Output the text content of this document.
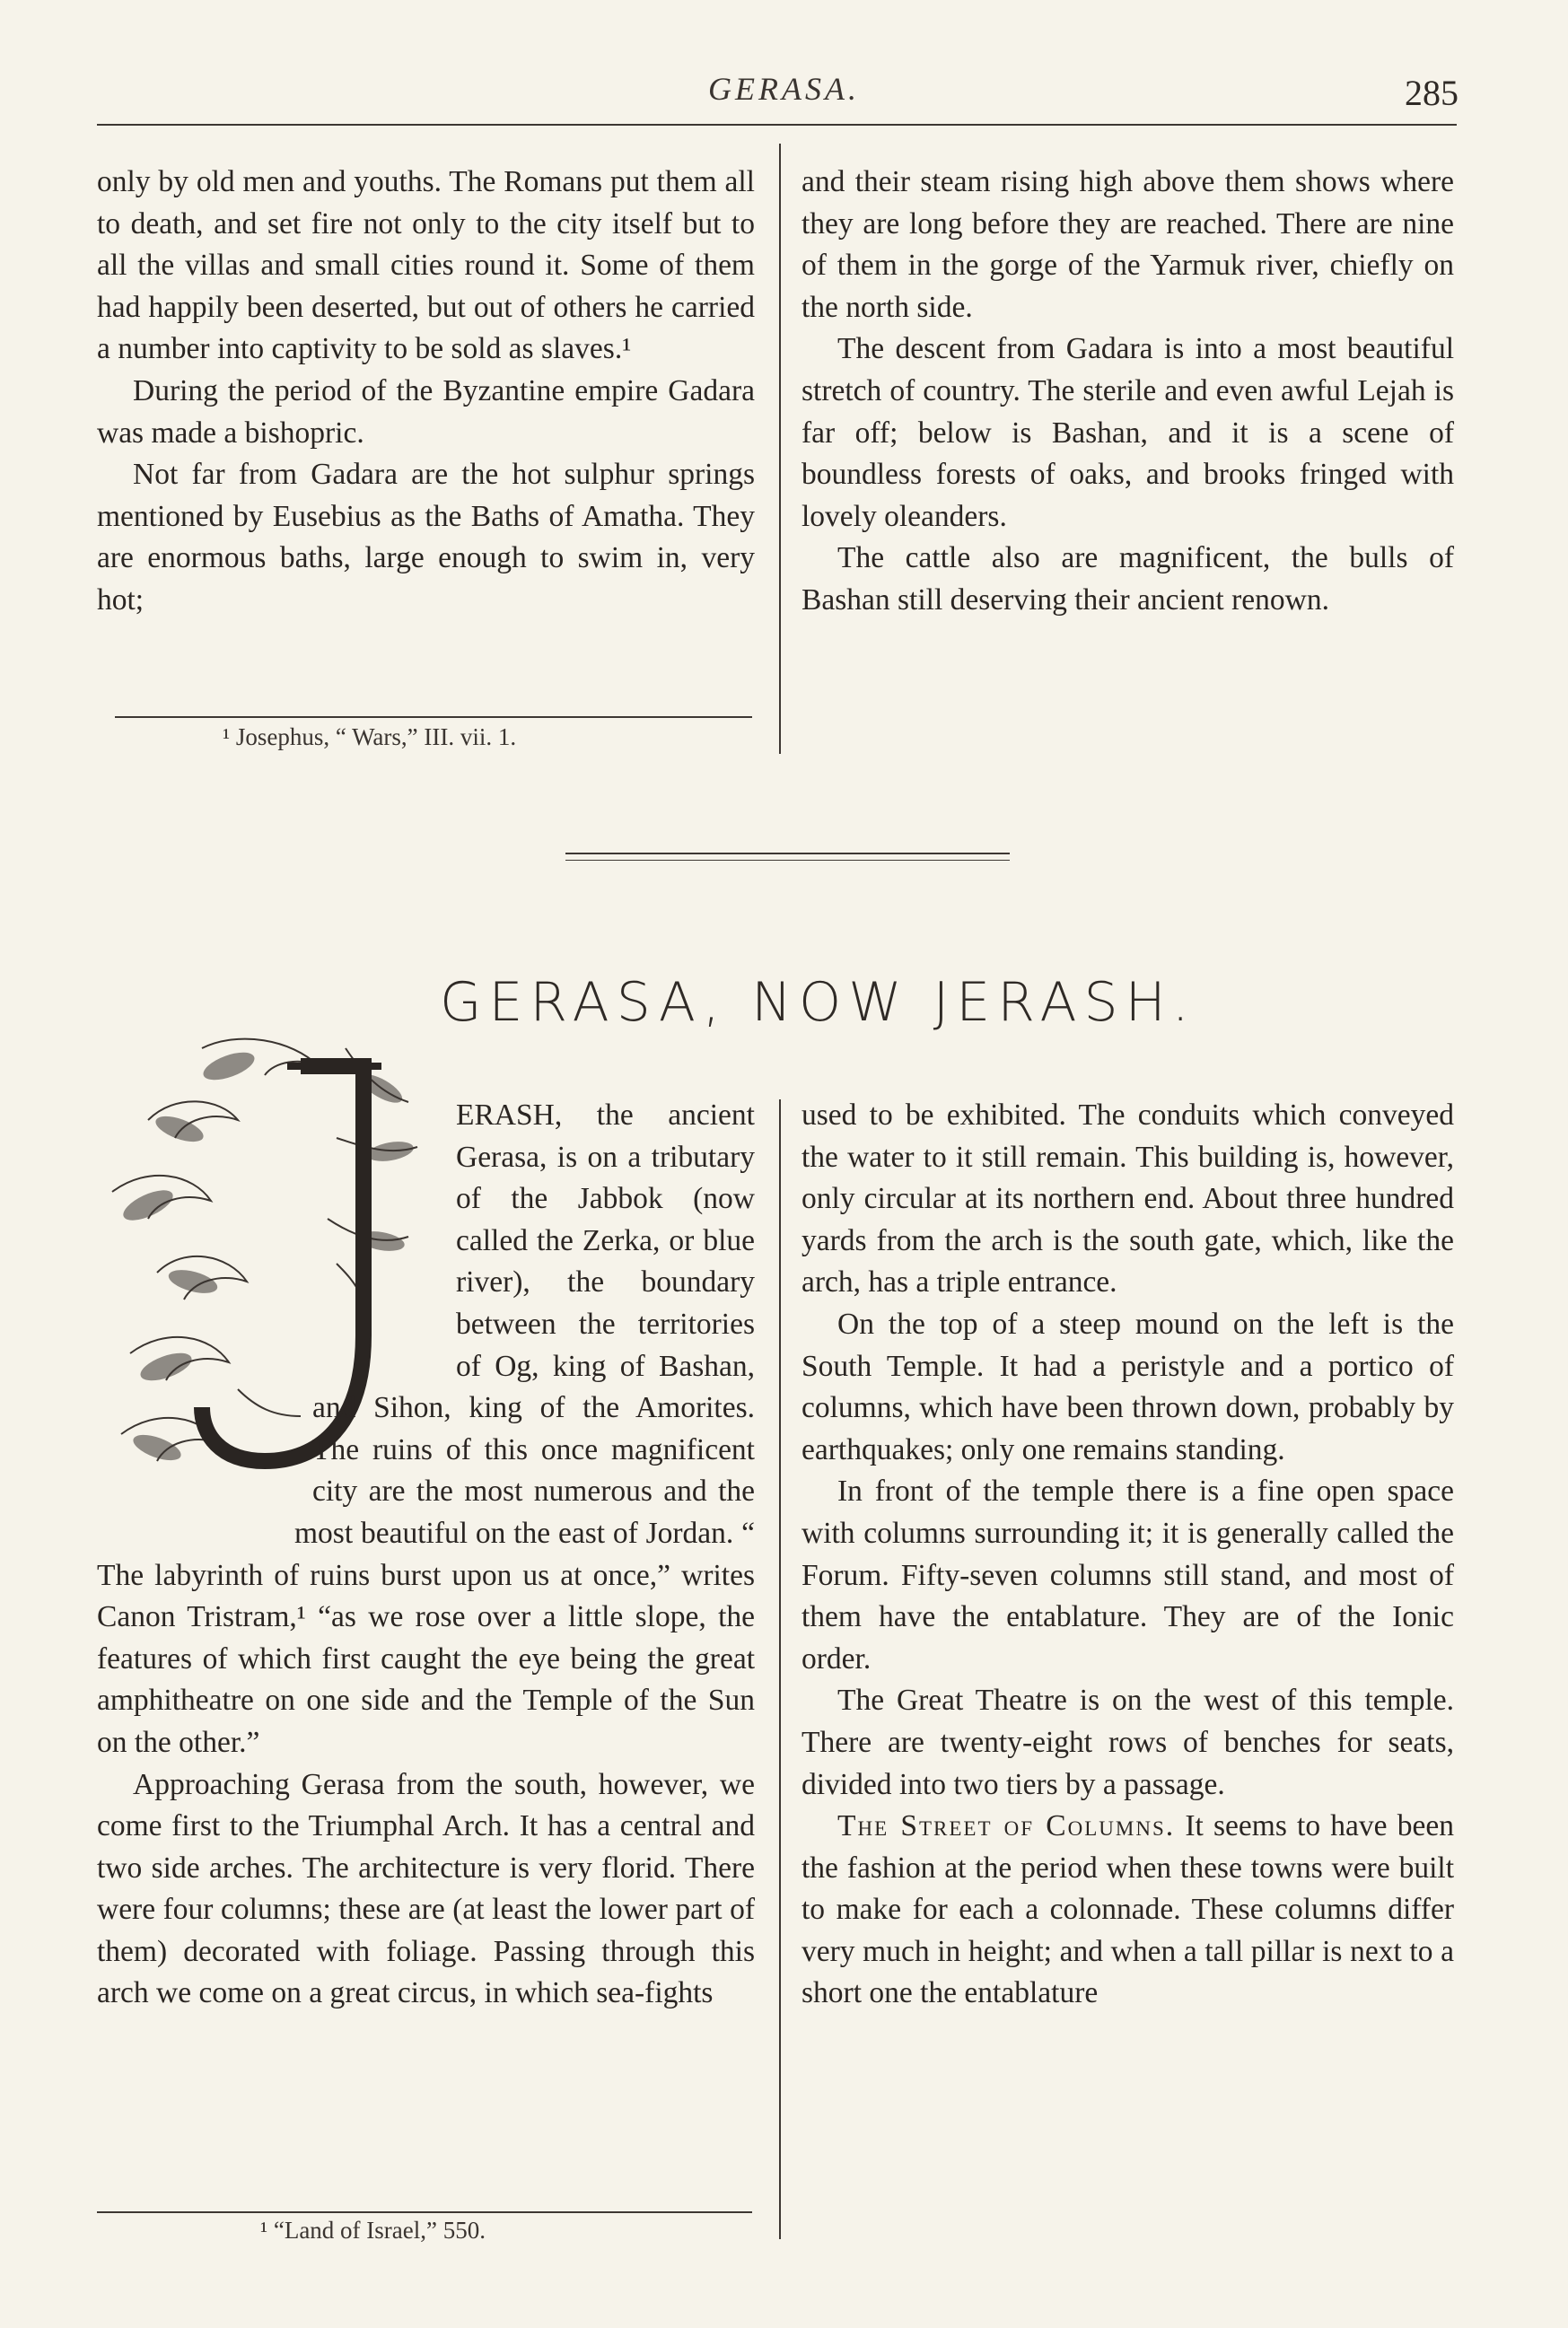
GERASA.	285

only by old men and youths. The Romans put them all to death, and set fire not only to the city itself but to all the villas and small cities round it. Some of them had happily been deserted, but out of others he carried a number into captivity to be sold as slaves.¹

During the period of the Byzantine empire Gadara was made a bishopric.

Not far from Gadara are the hot sulphur springs mentioned by Eusebius as the Baths of Amatha. They are enormous baths, large enough to swim in, very hot;

¹ Josephus, “ Wars,” III. vii. 1.

and their steam rising high above them shows where they are long before they are reached. There are nine of them in the gorge of the Yarmuk river, chiefly on the north side.

The descent from Gadara is into a most beautiful stretch of country. The sterile and even awful Lejah is far off; below is Bashan, and it is a scene of boundless forests of oaks, and brooks fringed with lovely oleanders.

The cattle also are magnificent, the bulls of Bashan still deserving their ancient renown.

GERASA, NOW JERASH.

ERASH, the ancient Gerasa, is on a tributary of the Jabbok (now called the Zerka, or blue river), the boundary between the territories of Og, king of Bashan, and Sihon, king of the Amorites. The ruins of this once magnificent city are the most numerous and the most beautiful on the east of Jordan. “ The labyrinth of ruins burst upon us at once,” writes Canon Tristram,¹ “as we rose over a little slope, the features of which first caught the eye being the great amphitheatre on one side and the Temple of the Sun on the other.”

Approaching Gerasa from the south, however, we come first to the Triumphal Arch. It has a central and two side arches. The architecture is very florid. There were four columns; these are (at least the lower part of them) decorated with foliage. Passing through this arch we come on a great circus, in which sea-fights

¹ “Land of Israel,” 550.

used to be exhibited. The conduits which conveyed the water to it still remain. This building is, however, only circular at its northern end. About three hundred yards from the arch is the south gate, which, like the arch, has a triple entrance.

On the top of a steep mound on the left is the South Temple. It had a peristyle and a portico of columns, which have been thrown down, probably by earthquakes; only one remains standing.

In front of the temple there is a fine open space with columns surrounding it; it is generally called the Forum. Fifty-seven columns still stand, and most of them have the entablature. They are of the Ionic order.

The Great Theatre is on the west of this temple. There are twenty-eight rows of benches for seats, divided into two tiers by a passage.

The Street of Columns. It seems to have been the fashion at the period when these towns were built to make for each a colonnade. These columns differ very much in height; and when a tall pillar is next to a short one the entablature
